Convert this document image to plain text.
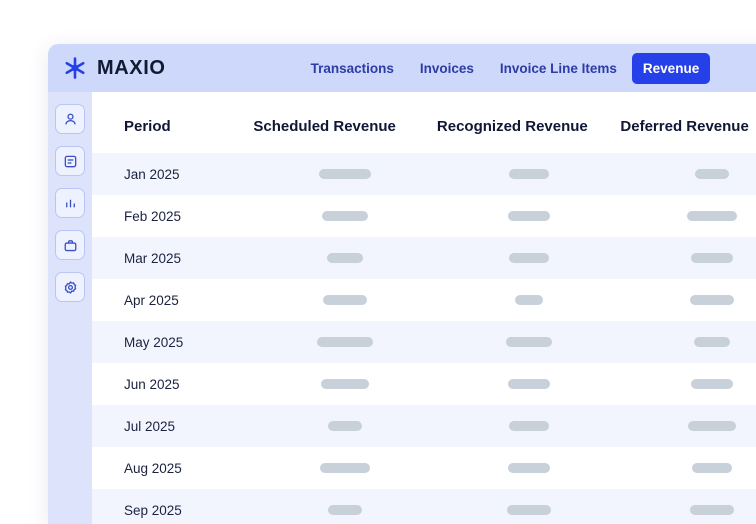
MAXIO	Transactions	Invoices	Invoice Line Items	Revenue
Period	Scheduled Revenue	Recognized Revenue	Deferred Revenue
Jan 2025			
Feb 2025			
Mar 2025			
Apr 2025			
May 2025			
Jun 2025			
Jul 2025			
Aug 2025			
Sep 2025			
